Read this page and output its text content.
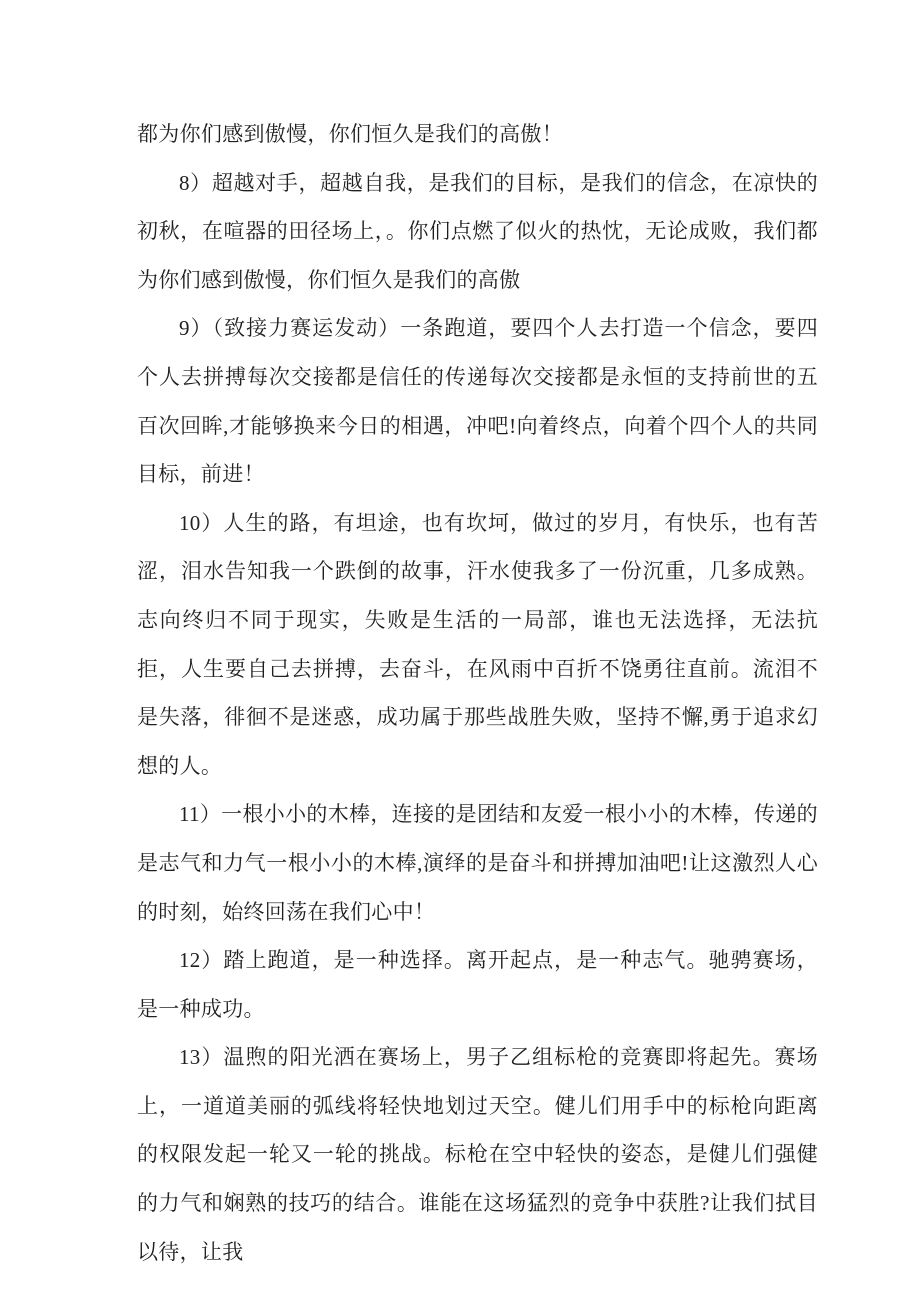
都为你们感到傲慢，你们恒久是我们的高傲！

8）超越对手，超越自我，是我们的目标，是我们的信念，在凉快的初秋，在喧器的田径场上，。你们点燃了似火的热忱，无论成败，我们都为你们感到傲慢，你们恒久是我们的高傲

9）（致接力赛运发动）一条跑道，要四个人去打造一个信念，要四个人去拼搏每次交接都是信任的传递每次交接都是永恒的支持前世的五百次回眸,才能够换来今日的相遇，冲吧!向着终点，向着个四个人的共同目标，前进！

10）人生的路，有坦途，也有坎坷，做过的岁月，有快乐，也有苦涩，泪水告知我一个跌倒的故事，汗水使我多了一份沉重，几多成熟。志向终归不同于现实，失败是生活的一局部，谁也无法选择，无法抗拒，人生要自己去拼搏，去奋斗，在风雨中百折不饶勇往直前。流泪不是失落，徘徊不是迷惑，成功属于那些战胜失败，坚持不懈,勇于追求幻想的人。

11）一根小小的木棒，连接的是团结和友爱一根小小的木棒，传递的是志气和力气一根小小的木棒,演绎的是奋斗和拼搏加油吧!让这激烈人心的时刻，始终回荡在我们心中！

12）踏上跑道，是一种选择。离开起点，是一种志气。驰骋赛场，是一种成功。

13）温煦的阳光洒在赛场上，男子乙组标枪的竞赛即将起先。赛场上，一道道美丽的弧线将轻快地划过天空。健儿们用手中的标枪向距离的权限发起一轮又一轮的挑战。标枪在空中轻快的姿态，是健儿们强健的力气和娴熟的技巧的结合。谁能在这场猛烈的竞争中获胜?让我们拭目以待，让我
